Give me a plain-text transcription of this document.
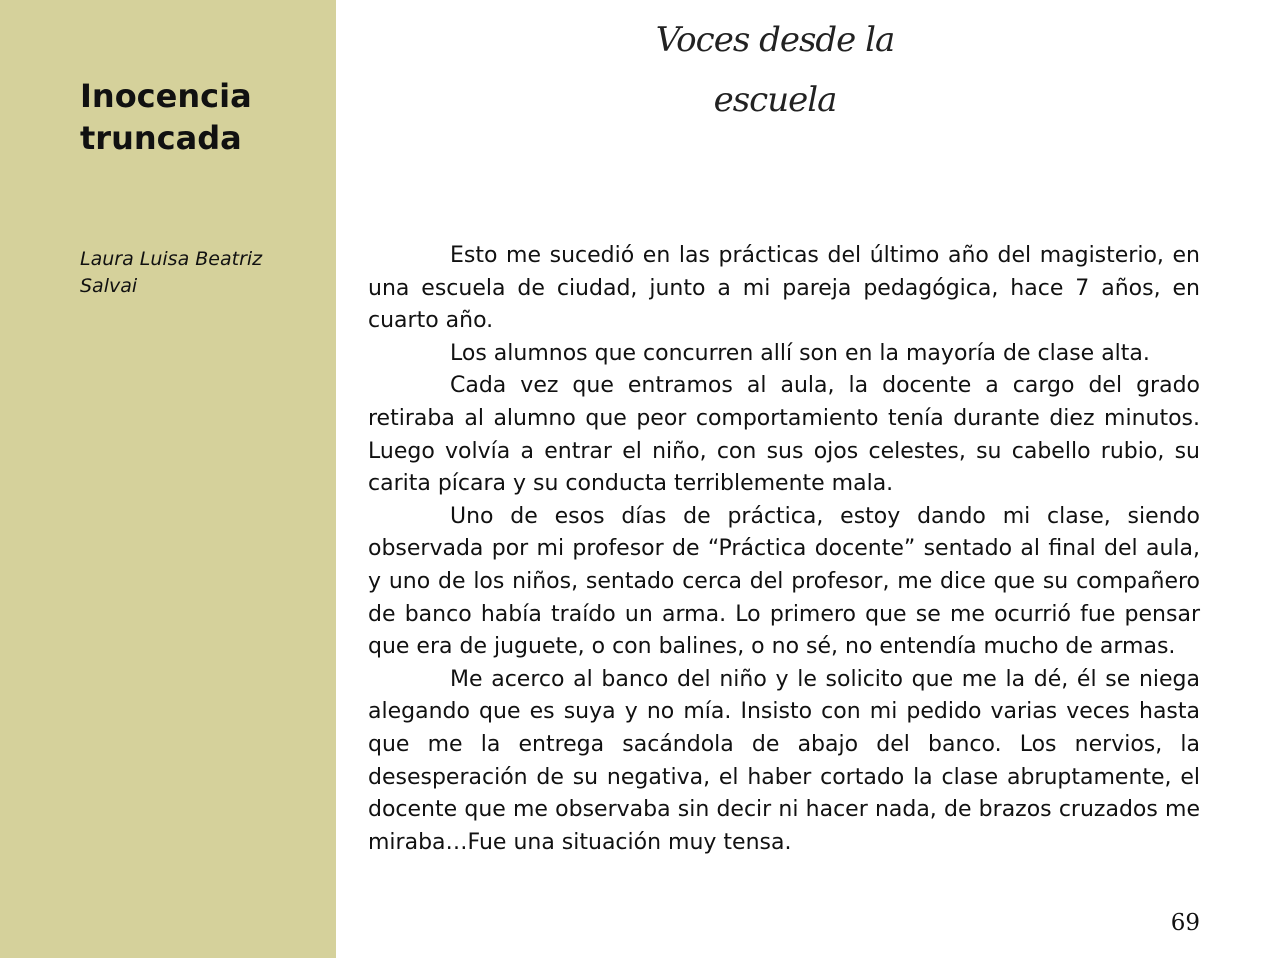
Inocencia
truncada

Laura Luisa Beatriz
Salvai

Voces desde la escuela

Esto me sucedió en las prácticas del último año del magisterio, en una escuela de ciudad, junto a mi pareja pedagógica, hace 7 años, en cuarto año.

Los alumnos que concurren allí son en la mayoría de clase alta.

Cada vez que entramos al aula, la docente a cargo del grado retiraba al alumno que peor comportamiento tenía durante diez minutos. Luego volvía a entrar el niño, con sus ojos celestes, su cabello rubio, su carita pícara y su conducta terriblemente mala.

Uno de esos días de práctica, estoy dando mi clase, siendo observada por mi profesor de “Práctica docente” sentado al final del aula, y uno de los niños, sentado cerca del profesor, me dice que su compañero de banco había traído un arma. Lo primero que se me ocurrió fue pensar que era de juguete, o con balines, o no sé, no entendía mucho de armas.

Me acerco al banco del niño y le solicito que me la dé, él se niega alegando que es suya y no mía. Insisto con mi pedido varias veces hasta que me la entrega sacándola de abajo del banco. Los nervios, la desesperación de su negativa, el haber cortado la clase abruptamente, el docente que me observaba sin decir ni hacer nada, de brazos cruzados me miraba…Fue una situación muy tensa.

69
